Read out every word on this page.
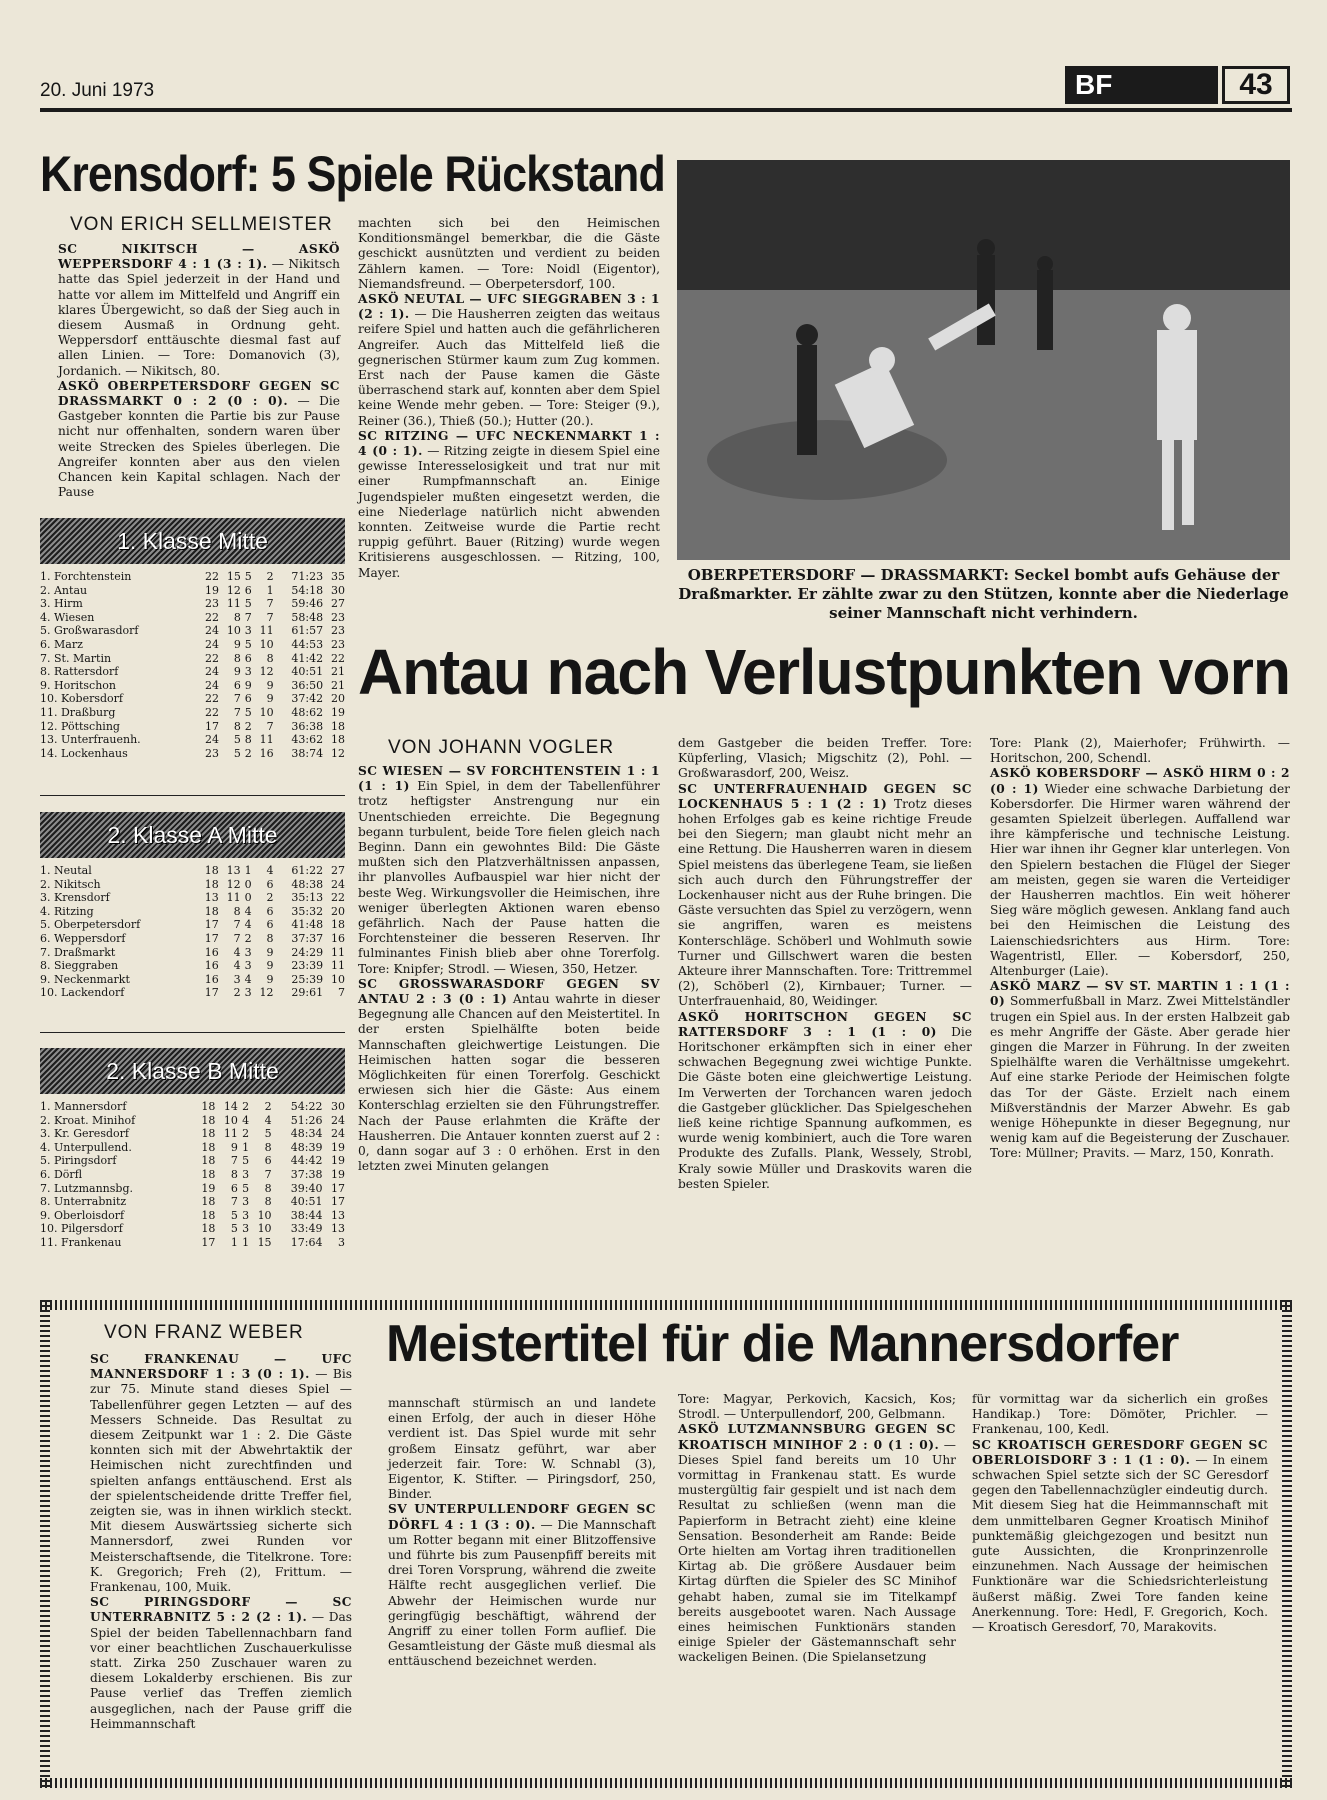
20. Juni 1973	BF	43
Krensdorf: 5 Spiele Rückstand
VON ERICH SELLMEISTER

SC NIKITSCH — ASKÖ WEPPERSDORF 4 : 1 (3 : 1). — Nikitsch hatte das Spiel jederzeit in der Hand und hatte vor allem im Mittelfeld und Angriff ein klares Übergewicht, so daß der Sieg auch in diesem Ausmaß in Ordnung geht. Weppersdorf enttäuschte diesmal fast auf allen Linien. — Tore: Domanovich (3), Jordanich. — Nikitsch, 80.

ASKÖ OBERPETERSDORF GEGEN SC DRASSMARKT 0 : 2 (0 : 0). — Die Gastgeber konnten die Partie bis zur Pause nicht nur offenhalten, sondern waren über weite Strecken des Spieles überlegen. Die Angreifer konnten aber aus den vielen Chancen kein Kapital schlagen. Nach der Pause

machten sich bei den Heimischen Konditionsmängel bemerkbar, die die Gäste geschickt ausnützten und verdient zu beiden Zählern kamen. — Tore: Noidl (Eigentor), Niemandsfreund. — Oberpetersdorf, 100.

ASKÖ NEUTAL — UFC SIEGGRABEN 3 : 1 (2 : 1). — Die Hausherren zeigten das weitaus reifere Spiel und hatten auch die gefährlicheren Angreifer. Auch das Mittelfeld ließ die gegnerischen Stürmer kaum zum Zug kommen. Erst nach der Pause kamen die Gäste überraschend stark auf, konnten aber dem Spiel keine Wende mehr geben. — Tore: Steiger (9.), Reiner (36.), Thieß (50.); Hutter (20.).

SC RITZING — UFC NECKENMARKT 1 : 4 (0 : 1). — Ritzing zeigte in diesem Spiel eine gewisse Interesselosigkeit und trat nur mit einer Rumpfmannschaft an. Einige Jugendspieler mußten eingesetzt werden, die eine Niederlage natürlich nicht abwenden konnten. Zeitweise wurde die Partie recht ruppig geführt. Bauer (Ritzing) wurde wegen Kritisierens ausgeschlossen. — Ritzing, 100, Mayer.	OBERPETERSDORF — DRASSMARKT: Seckel bombt aufs Gehäuse der Draßmarkter. Er zählte zwar zu den Stützen, konnte aber die Niederlage seiner Mannschaft nicht verhindern.
1. Klasse Mitte
1. Forchtenstein	22	15	5	2	71:23	35
2. Antau	19	12	6	1	54:18	30
3. Hirm	23	11	5	7	59:46	27
4. Wiesen	22	8	7	7	58:48	23
5. Großwarasdorf	24	10	3	11	61:57	23
6. Marz	24	9	5	10	44:53	23
7. St. Martin	22	8	6	8	41:42	22
8. Rattersdorf	24	9	3	12	40:51	21
9. Horitschon	24	6	9	9	36:50	21
10. Kobersdorf	22	7	6	9	37:42	20
11. Draßburg	22	7	5	10	48:62	19
12. Pöttsching	17	8	2	7	36:38	18
13. Unterfrauenh.	24	5	8	11	43:62	18
14. Lockenhaus	23	5	2	16	38:74	12
2. Klasse A Mitte
1. Neutal	18	13	1	4	61:22	27
2. Nikitsch	18	12	0	6	48:38	24
3. Krensdorf	13	11	0	2	35:13	22
4. Ritzing	18	8	4	6	35:32	20
5. Oberpetersdorf	17	7	4	6	41:48	18
6. Weppersdorf	17	7	2	8	37:37	16
7. Draßmarkt	16	4	3	9	24:29	11
8. Sieggraben	16	4	3	9	23:39	11
9. Neckenmarkt	16	3	4	9	25:39	10
10. Lackendorf	17	2	3	12	29:61	7
2. Klasse B Mitte
1. Mannersdorf	18	14	2	2	54:22	30
2. Kroat. Minihof	18	10	4	4	51:26	24
3. Kr. Geresdorf	18	11	2	5	48:34	24
4. Unterpullend.	18	9	1	8	48:39	19
5. Piringsdorf	18	7	5	6	44:42	19
6. Dörfl	18	8	3	7	37:38	19
7. Lutzmannsbg.	19	6	5	8	39:40	17
8. Unterrabnitz	18	7	3	8	40:51	17
9. Oberloisdorf	18	5	3	10	38:44	13
10. Pilgersdorf	18	5	3	10	33:49	13
11. Frankenau	17	1	1	15	17:64	3
Antau nach Verlustpunkten vorn
VON JOHANN VOGLER

SC WIESEN — SV FORCHTENSTEIN 1 : 1 (1 : 1) Ein Spiel, in dem der Tabellenführer trotz heftigster Anstrengung nur ein Unentschieden erreichte. Die Begegnung begann turbulent, beide Tore fielen gleich nach Beginn. Dann ein gewohntes Bild: Die Gäste mußten sich den Platzverhältnissen anpassen, ihr planvolles Aufbauspiel war hier nicht der beste Weg. Wirkungsvoller die Heimischen, ihre weniger überlegten Aktionen waren ebenso gefährlich. Nach der Pause hatten die Forchtensteiner die besseren Reserven. Ihr fulminantes Finish blieb aber ohne Torerfolg. Tore: Knipfer; Strodl. — Wiesen, 350, Hetzer.

SC GROSSWARASDORF GEGEN SV ANTAU 2 : 3 (0 : 1) Antau wahrte in dieser Begegnung alle Chancen auf den Meistertitel. In der ersten Spielhälfte boten beide Mannschaften gleichwertige Leistungen. Die Heimischen hatten sogar die besseren Möglichkeiten für einen Torerfolg. Geschickt erwiesen sich hier die Gäste: Aus einem Konterschlag erzielten sie den Führungstreffer. Nach der Pause erlahmten die Kräfte der Hausherren. Die Antauer konnten zuerst auf 2 : 0, dann sogar auf 3 : 0 erhöhen. Erst in den letzten zwei Minuten gelangen

dem Gastgeber die beiden Treffer. Tore: Küpferling, Vlasich; Migschitz (2), Pohl. — Großwarasdorf, 200, Weisz.

SC UNTERFRAUENHAID GEGEN SC LOCKENHAUS 5 : 1 (2 : 1) Trotz dieses hohen Erfolges gab es keine richtige Freude bei den Siegern; man glaubt nicht mehr an eine Rettung. Die Hausherren waren in diesem Spiel meistens das überlegene Team, sie ließen sich auch durch den Führungstreffer der Lockenhauser nicht aus der Ruhe bringen. Die Gäste versuchten das Spiel zu verzögern, wenn sie angriffen, waren es meistens Konterschläge. Schöberl und Wohlmuth sowie Turner und Gillschwert waren die besten Akteure ihrer Mannschaften. Tore: Trittremmel (2), Schöberl (2), Kirnbauer; Turner. — Unterfrauenhaid, 80, Weidinger.

ASKÖ HORITSCHON GEGEN SC RATTERSDORF 3 : 1 (1 : 0) Die Horitschoner erkämpften sich in einer eher schwachen Begegnung zwei wichtige Punkte. Die Gäste boten eine gleichwertige Leistung. Im Verwerten der Torchancen waren jedoch die Gastgeber glücklicher. Das Spielgeschehen ließ keine richtige Spannung aufkommen, es wurde wenig kombiniert, auch die Tore waren Produkte des Zufalls. Plank, Wessely, Strobl, Kraly sowie Müller und Draskovits waren die besten Spieler.

Tore: Plank (2), Maierhofer; Frühwirth. — Horitschon, 200, Schendl.

ASKÖ KOBERSDORF — ASKÖ HIRM 0 : 2 (0 : 1) Wieder eine schwache Darbietung der Kobersdorfer. Die Hirmer waren während der gesamten Spielzeit überlegen. Auffallend war ihre kämpferische und technische Leistung. Hier war ihnen ihr Gegner klar unterlegen. Von den Spielern bestachen die Flügel der Sieger am meisten, gegen sie waren die Verteidiger der Hausherren machtlos. Ein weit höherer Sieg wäre möglich gewesen. Anklang fand auch bei den Heimischen die Leistung des Laienschiedsrichters aus Hirm. Tore: Wagentristl, Eller. — Kobersdorf, 250, Altenburger (Laie).

ASKÖ MARZ — SV ST. MARTIN 1 : 1 (1 : 0) Sommerfußball in Marz. Zwei Mittelständler trugen ein Spiel aus. In der ersten Halbzeit gab es mehr Angriffe der Gäste. Aber gerade hier gingen die Marzer in Führung. In der zweiten Spielhälfte waren die Verhältnisse umgekehrt. Auf eine starke Periode der Heimischen folgte das Tor der Gäste. Erzielt nach einem Mißverständnis der Marzer Abwehr. Es gab wenige Höhepunkte in dieser Begegnung, nur wenig kam auf die Begeisterung der Zuschauer. Tore: Müllner; Pravits. — Marz, 150, Konrath.

VON FRANZ WEBER Meistertitel für die Mannersdorfer

SC FRANKENAU — UFC MANNERSDORF 1 : 3 (0 : 1). — Bis zur 75. Minute stand dieses Spiel — Tabellenführer gegen Letzten — auf des Messers Schneide. Das Resultat zu diesem Zeitpunkt war 1 : 2. Die Gäste konnten sich mit der Abwehrtaktik der Heimischen nicht zurechtfinden und spielten anfangs enttäuschend. Erst als der spielentscheidende dritte Treffer fiel, zeigten sie, was in ihnen wirklich steckt. Mit diesem Auswärtssieg sicherte sich Mannersdorf, zwei Runden vor Meisterschaftsende, die Titelkrone. Tore: K. Gregorich; Freh (2), Frittum. — Frankenau, 100, Muik.

SC PIRINGSDORF — SC UNTERRABNITZ 5 : 2 (2 : 1). — Das Spiel der beiden Tabellennachbarn fand vor einer beachtlichen Zuschauerkulisse statt. Zirka 250 Zuschauer waren zu diesem Lokalderby erschienen. Bis zur Pause verlief das Treffen ziemlich ausgeglichen, nach der Pause griff die Heimmannschaft

mannschaft stürmisch an und landete einen Erfolg, der auch in dieser Höhe verdient ist. Das Spiel wurde mit sehr großem Einsatz geführt, war aber jederzeit fair. Tore: W. Schnabl (3), Eigentor, K. Stifter. — Piringsdorf, 250, Binder.

SV UNTERPULLENDORF GEGEN SC DÖRFL 4 : 1 (3 : 0). — Die Mannschaft um Rotter begann mit einer Blitzoffensive und führte bis zum Pausenpfiff bereits mit drei Toren Vorsprung, während die zweite Hälfte recht ausgeglichen verlief. Die Abwehr der Heimischen wurde nur geringfügig beschäftigt, während der Angriff zu einer tollen Form auflief. Die Gesamtleistung der Gäste muß diesmal als enttäuschend bezeichnet werden.

Tore: Magyar, Perkovich, Kacsich, Kos; Strodl. — Unterpullendorf, 200, Gelbmann.

ASKÖ LUTZMANNSBURG GEGEN SC KROATISCH MINIHOF 2 : 0 (1 : 0). — Dieses Spiel fand bereits um 10 Uhr vormittag in Frankenau statt. Es wurde mustergültig fair gespielt und ist nach dem Resultat zu schließen (wenn man die Papierform in Betracht zieht) eine kleine Sensation. Besonderheit am Rande: Beide Orte hielten am Vortag ihren traditionellen Kirtag ab. Die größere Ausdauer beim Kirtag dürften die Spieler des SC Minihof gehabt haben, zumal sie im Titelkampf bereits ausgebootet waren. Nach Aussage eines heimischen Funktionärs standen einige Spieler der Gästemannschaft sehr wackeligen Beinen. (Die Spielansetzung

für vormittag war da sicherlich ein großes Handikap.) Tore: Dömöter, Prichler. — Frankenau, 100, Kedl.

SC KROATISCH GERESDORF GEGEN SC OBERLOISDORF 3 : 1 (1 : 0). — In einem schwachen Spiel setzte sich der SC Geresdorf gegen den Tabellennachzügler eindeutig durch. Mit diesem Sieg hat die Heimmannschaft mit dem unmittelbaren Gegner Kroatisch Minihof punktemäßig gleichgezogen und besitzt nun gute Aussichten, die Kronprinzenrolle einzunehmen. Nach Aussage der heimischen Funktionäre war die Schiedsrichterleistung äußerst mäßig. Zwei Tore fanden keine Anerkennung. Tore: Hedl, F. Gregorich, Koch. — Kroatisch Geresdorf, 70, Marakovits.
